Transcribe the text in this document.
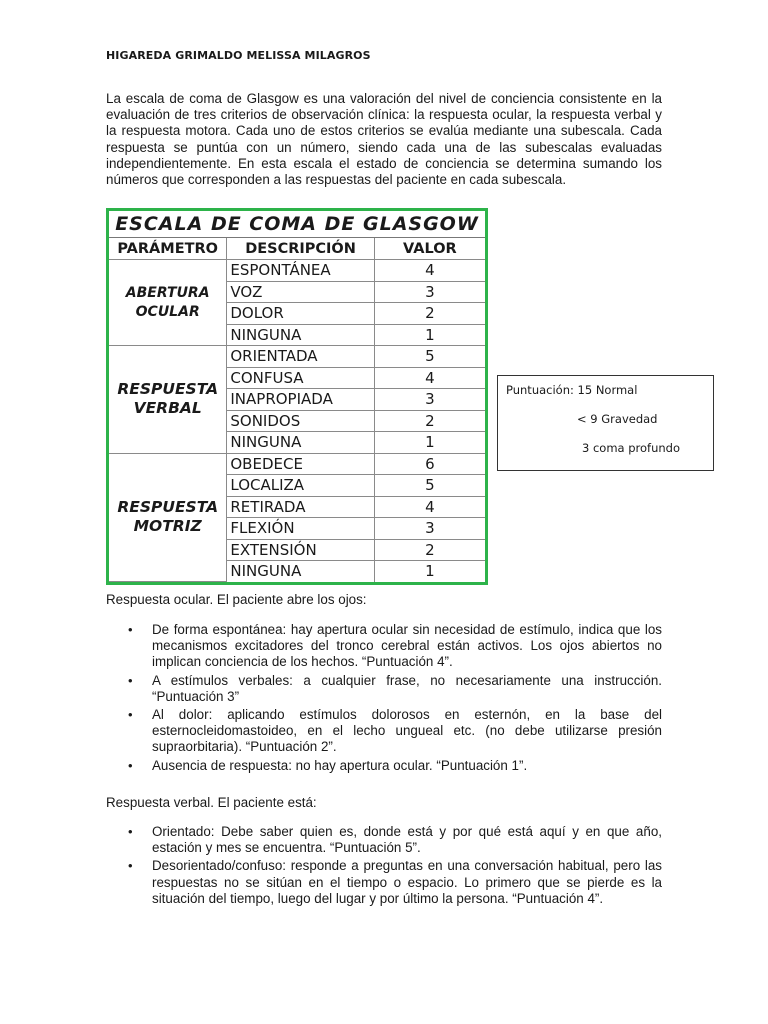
HIGAREDA GRIMALDO MELISSA MILAGROS

La escala de coma de Glasgow es una valoración del nivel de conciencia consistente en la evaluación de tres criterios de observación clínica: la respuesta ocular, la respuesta verbal y la respuesta motora. Cada uno de estos criterios se evalúa mediante una subescala. Cada respuesta se puntúa con un número, siendo cada una de las subescalas evaluadas independientemente. En esta escala el estado de conciencia se determina sumando los números que corresponden a las respuestas del paciente en cada subescala.

ESCALA DE COMA DE GLASGOW
PARÁMETRO	DESCRIPCIÓN	VALOR
ABERTURA
OCULAR	ESPONTÁNEA	4
	VOZ	3
	DOLOR	2
	NINGUNA	1
RESPUESTA
VERBAL	ORIENTADA	5
	CONFUSA	4
	INAPROPIADA	3
	SONIDOS	2
	NINGUNA	1
RESPUESTA
MOTRIZ	OBEDECE	6
	LOCALIZA	5
	RETIRADA	4
	FLEXIÓN	3
	EXTENSIÓN	2
	NINGUNA	1
Puntuación: 15 Normal
< 9 Gravedad
3 coma profundo

Respuesta ocular. El paciente abre los ojos:

• De forma espontánea: hay apertura ocular sin necesidad de estímulo, indica que los mecanismos excitadores del tronco cerebral están activos. Los ojos abiertos no implican conciencia de los hechos. “Puntuación 4”.
• A estímulos verbales: a cualquier frase, no necesariamente una instrucción. “Puntuación 3”
• Al dolor: aplicando estímulos dolorosos en esternón, en la base del esternocleidomastoideo, en el lecho ungueal etc. (no debe utilizarse presión supraorbitaria). “Puntuación 2”.
• Ausencia de respuesta: no hay apertura ocular. “Puntuación 1”.

Respuesta verbal. El paciente está:

• Orientado: Debe saber quien es, donde está y por qué está aquí y en que año, estación y mes se encuentra. “Puntuación 5”.
• Desorientado/confuso: responde a preguntas en una conversación habitual, pero las respuestas no se sitúan en el tiempo o espacio. Lo primero que se pierde es la situación del tiempo, luego del lugar y por último la persona. “Puntuación 4”.
